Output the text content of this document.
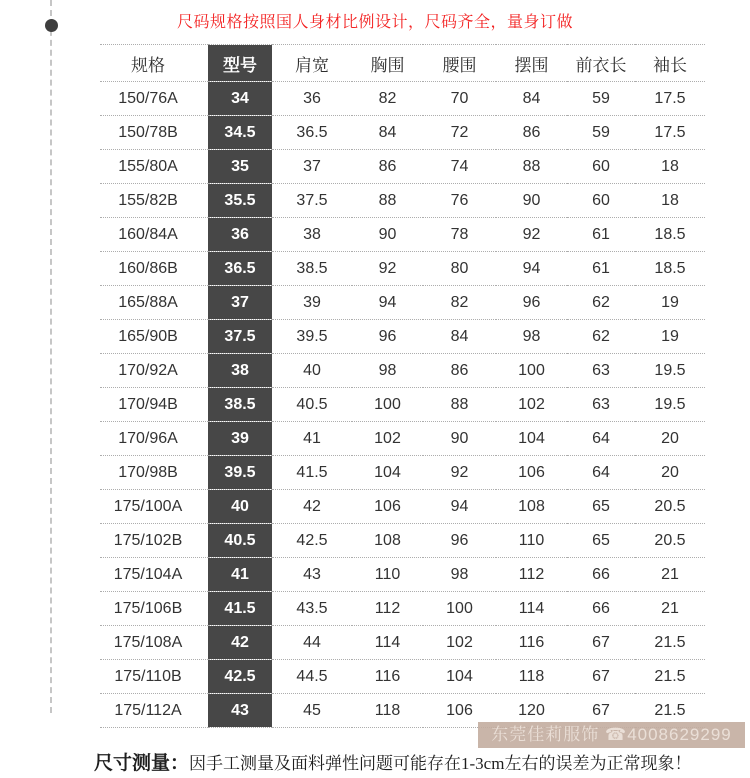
尺码规格按照国人身材比例设计，尺码齐全，量身订做
规格	型号	肩宽	胸围	腰围	摆围	前衣长	袖长
150/76A	34	36	82	70	84	59	17.5
150/78B	34.5	36.5	84	72	86	59	17.5
155/80A	35	37	86	74	88	60	18
155/82B	35.5	37.5	88	76	90	60	18
160/84A	36	38	90	78	92	61	18.5
160/86B	36.5	38.5	92	80	94	61	18.5
165/88A	37	39	94	82	96	62	19
165/90B	37.5	39.5	96	84	98	62	19
170/92A	38	40	98	86	100	63	19.5
170/94B	38.5	40.5	100	88	102	63	19.5
170/96A	39	41	102	90	104	64	20
170/98B	39.5	41.5	104	92	106	64	20
175/100A	40	42	106	94	108	65	20.5
175/102B	40.5	42.5	108	96	110	65	20.5
175/104A	41	43	110	98	112	66	21
175/106B	41.5	43.5	112	100	114	66	21
175/108A	42	44	114	102	116	67	21.5
175/110B	42.5	44.5	116	104	118	67	21.5
175/112A	43	45	118	106	120	67	21.5
东莞佳莉服饰 ☎4008629299
尺寸测量：因手工测量及面料弹性问题可能存在1-3cm左右的误差为正常现象！
